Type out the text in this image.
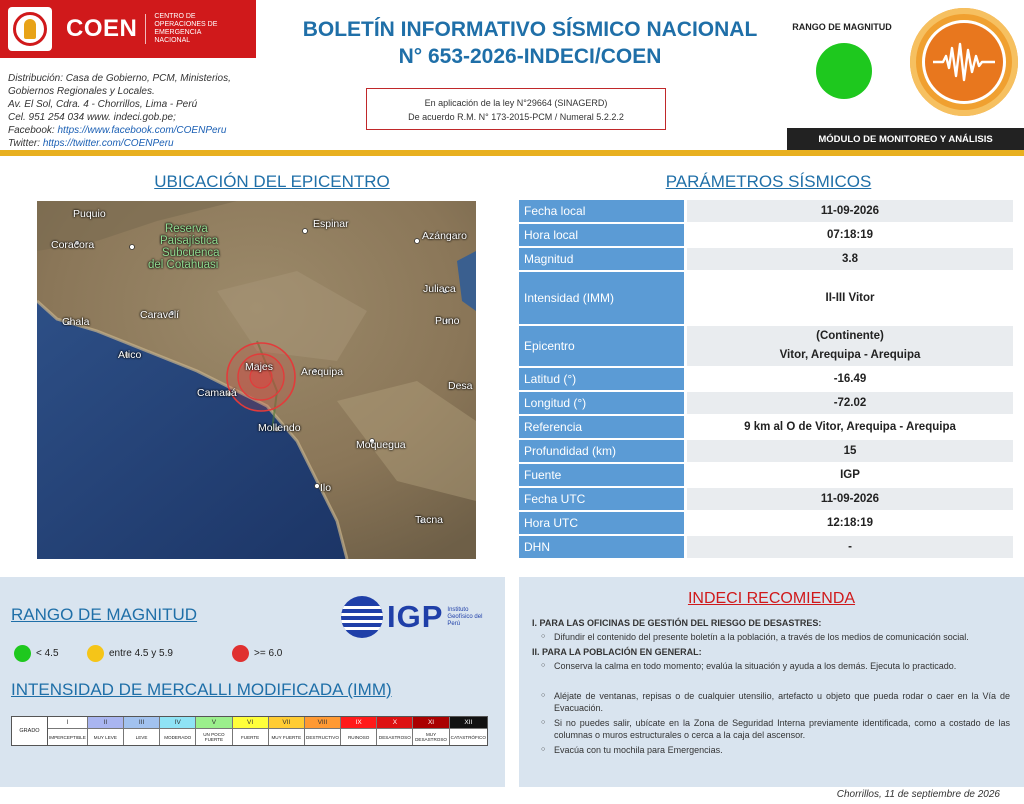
COEN CENTRO DE OPERACIONES DE EMERGENCIA NACIONAL
Distribución: Casa de Gobierno, PCM, Ministerios,
Gobiernos Regionales y Locales.
Av. El Sol, Cdra. 4 - Chorrillos, Lima - Perú
Cel. 951 254 034 www. indeci.gob.pe;
Facebook: https://www.facebook.com/COENPeru
Twitter: https://twitter.com/COENPeru
BOLETÍN INFORMATIVO SÍSMICO NACIONAL
N° 653-2026-INDECI/COEN
En aplicación de la ley N°29664 (SINAGERD)
De acuerdo R.M. N° 173-2015-PCM / Numeral 5.2.2.2
RANGO DE MAGNITUD
MÓDULO DE MONITOREO Y ANÁLISIS
UBICACIÓN DEL EPICENTRO
Puquio
Espinar
Azángaro
Reserva
Paisajística
Subcuenca
del Cotahuasi
Coracora
Juliaca
Caravelí
Chala	Puno
Atico
Majes	Arequipa
Desa
Camaná
Mollendo
Moquegua
Ilo
Tacna
PARÁMETROS SÍSMICOS
Fecha local	11-09-2026
Hora local	07:18:19
Magnitud	3.8
Intensidad (IMM)	II-III Vitor
Epicentro
(Continente)
Vitor, Arequipa - Arequipa
Latitud (°)	-16.49
Longitud (°)	-72.02
Referencia	9 km al O de Vitor, Arequipa - Arequipa
Profundidad (km)	15
Fuente	IGP
Fecha UTC	11-09-2026
Hora UTC	12:18:19
DHN	-
RANGO DE MAGNITUD	IGP Instituto Geofísico del Perú
< 4.5	entre 4.5 y 5.9	>= 6.0
INTENSIDAD DE MERCALLI MODIFICADA (IMM)
GRADO
I
IMPERCEPTIBLE
II
MUY LEVE
III
LEVE
IV
MODERADO
V
UN POCO FUERTE
VI
FUERTE
VII
MUY FUERTE
VIII
DESTRUCTIVO
IX
RUINOSO
X
DESASTROSO
XI
MUY DESASTROSO
XII
CATASTRÓFICO
INDECI RECOMIENDA
I. PARA LAS OFICINAS DE GESTIÓN DEL RIESGO DE DESASTRES:
○ Difundir el contenido del presente boletín a la población, a través de los medios de comunicación social.
II. PARA LA POBLACIÓN EN GENERAL:
○ Conserva la calma en todo momento; evalúa la situación y ayuda a los demás. Ejecuta lo practicado.
○ Aléjate de ventanas, repisas o de cualquier utensilio, artefacto u objeto que pueda rodar o caer en la Vía de Evacuación.
○ Si no puedes salir, ubícate en la Zona de Seguridad Interna previamente identificada, como a costado de las columnas o muros estructurales o cerca a la caja del ascensor.
○ Evacúa con tu mochila para Emergencias.
Chorrillos, 11 de septiembre de 2026
